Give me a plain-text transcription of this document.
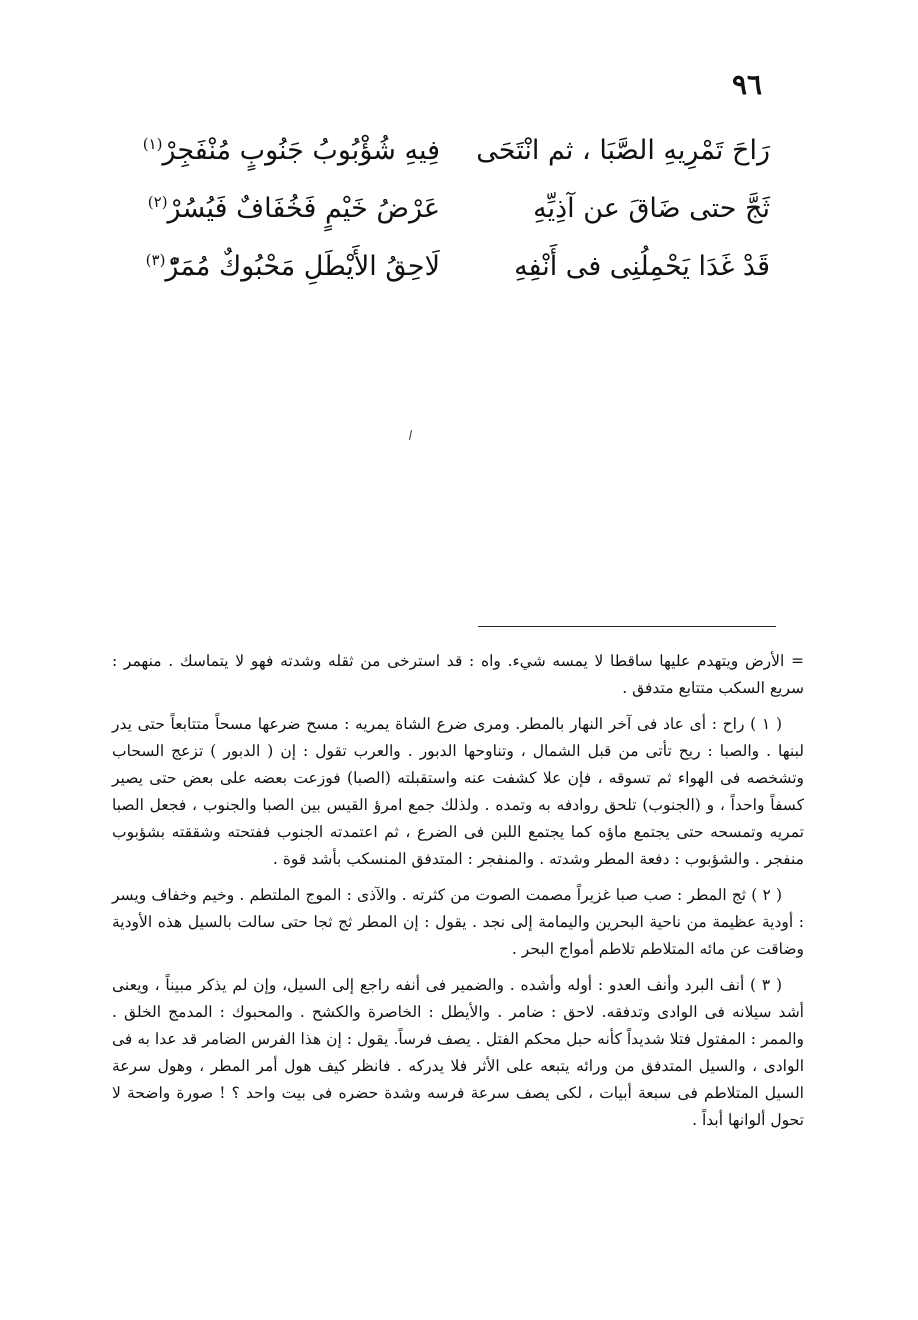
٩٦
رَاحَ تَمْرِيهِ الصَّبَا ، ثم انْتَحَى
فِيهِ شُؤْبُوبُ جَنُوبٍ مُنْفَجِرْ$^{(١)}$
ثَجَّ حتى ضَاقَ عن آذِيِّهِ
عَرْضُ خَيْمٍ فَخُفَافٌ فَيُسُرْ$^{(٢)}$
قَدْ غَدَا يَحْمِلُنِى فى أَنْفِهِ
لَاحِقُ الأَيْطَلِ مَحْبُوكٌ مُمَرّْ$^{(٣)}$

= الأرض ويتهدم عليها ساقطا لا يمسه شيء. واه : قد استرخى من ثقله وشدته فهو لا يتماسك . منهمر : سريع السكب متتابع متدفق .

( ١ ) راح : أى عاد فى آخر النهار بالمطر. ومرى ضرع الشاة يمريه : مسح ضرعها مسحاً متتابعاً حتى يدر لبنها . والصبا : ريح تأتى من قبل الشمال ، وتناوحها الدبور . والعرب تقول : إن ( الدبور ) تزعج السحاب وتشخصه فى الهواء ثم تسوقه ، فإن علا كشفت عنه واستقبلته (الصبا) فوزعت بعضه على بعض حتى يصير كسفاً واحداً ، و (الجنوب) تلحق روادفه به وتمده . ولذلك جمع امرؤ القيس بين الصبا والجنوب ، فجعل الصبا تمريه وتمسحه حتى يجتمع ماؤه كما يجتمع اللبن فى الضرع ، ثم اعتمدته الجنوب ففتحته وشققته بشؤبوب منفجر . والشؤبوب : دفعة المطر وشدته . والمنفجر : المتدفق المنسكب بأشد قوة .

( ٢ ) ثج المطر : صب صبا غزيراً مصمت الصوت من كثرته . والآذى : الموج الملتطم . وخيم وخفاف ويسر : أودية عظيمة من ناحية البحرين واليمامة إلى نجد . يقول : إن المطر ثج ثجا حتى سالت بالسيل هذه الأودية وضاقت عن مائه المتلاطم تلاطم أمواج البحر .

( ٣ ) أنف البرد وأنف العدو : أوله وأشده . والضمير فى أنفه راجع إلى السيل، وإن لم يذكر مبيناً ، ويعنى أشد سيلانه فى الوادى وتدفقه. لاحق : ضامر . والأيطل : الخاصرة والكشح . والمحبوك : المدمج الخلق . والممر : المفتول فتلا شديداً كأنه حبل محكم الفتل . يصف فرساً. يقول : إن هذا الفرس الضامر قد عدا به فى الوادى ، والسيل المتدفق من ورائه يتبعه على الأثر فلا يدركه . فانظر كيف هول أمر المطر ، وهول سرعة السيل المتلاطم فى سبعة أبيات ، لكى يصف سرعة فرسه وشدة حضره فى بيت واحد ؟ ! صورة واضحة لا تحول ألوانها أبداً .
